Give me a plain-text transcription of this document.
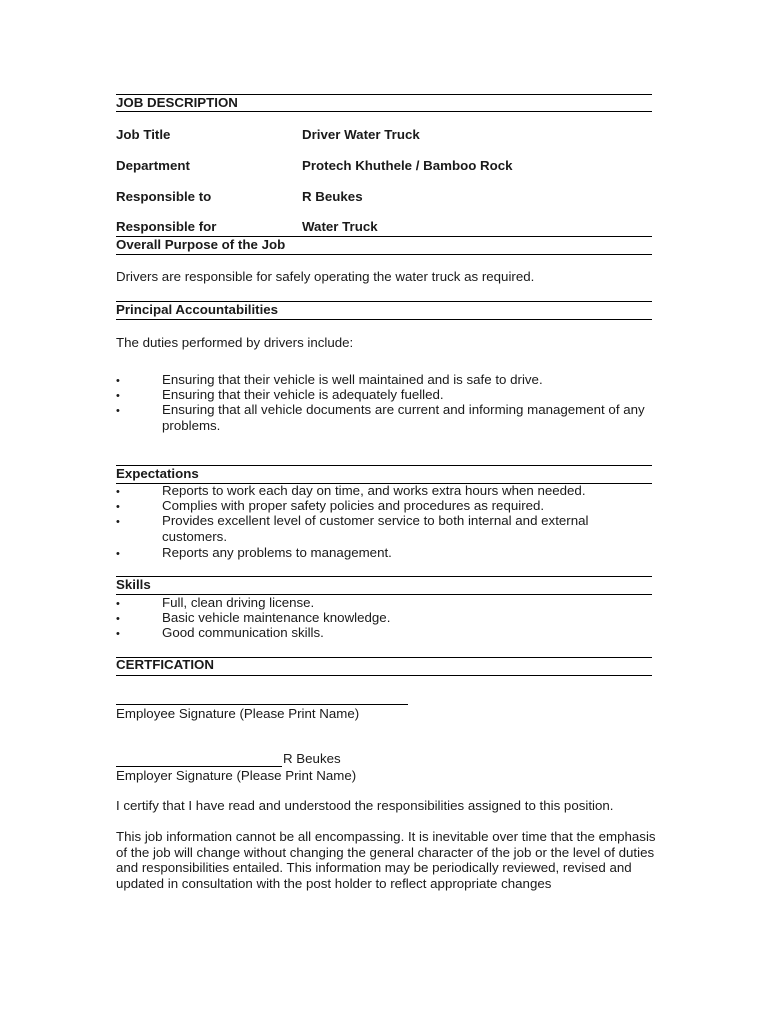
JOB DESCRIPTION
Job Title	Driver Water Truck
Department	Protech Khuthele / Bamboo Rock
Responsible to	R Beukes
Responsible for	Water Truck
Overall Purpose of the Job
Drivers are responsible for safely operating the water truck as required.
Principal Accountabilities
The duties performed by drivers include:
•
Ensuring that their vehicle is well maintained and is safe to drive.
•
Ensuring that their vehicle is adequately fuelled.
•
Ensuring that all vehicle documents are current and informing management of any problems.
Expectations
•
Reports to work each day on time, and works extra hours when needed.
•
Complies with proper safety policies and procedures as required.
•
Provides excellent level of customer service to both internal and external customers.
•
Reports any problems to management.
Skills
•
Full, clean driving license.
•
Basic vehicle maintenance knowledge.
•
Good communication skills.
CERTFICATION
Employee Signature (Please Print Name)
R Beukes
Employer Signature (Please Print Name)
I certify that I have read and understood the responsibilities assigned to this position.
This job information cannot be all encompassing. It is inevitable over time that the emphasis of the job will change without changing the general character of the job or the level of duties and responsibilities entailed. This information may be periodically reviewed, revised and updated in consultation with the post holder to reflect appropriate changes
